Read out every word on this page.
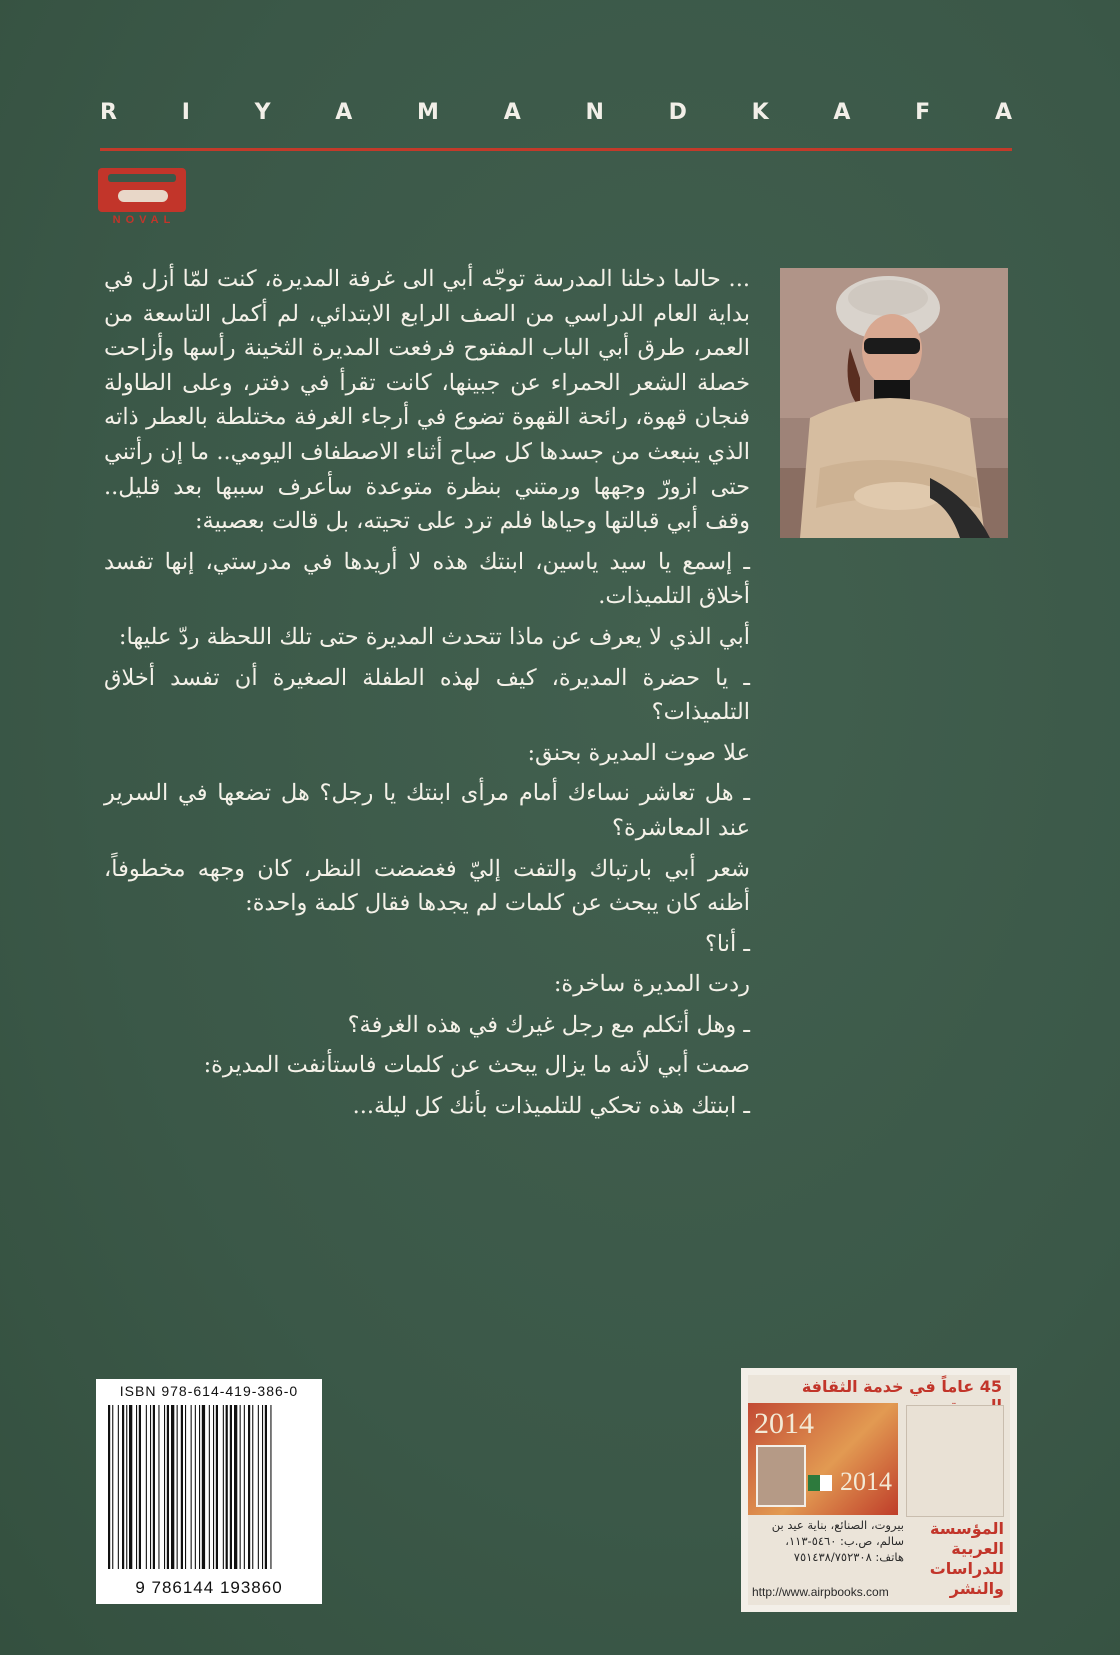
R	I	Y	A	M	A	N	D	K	A	F	A
NOVAL

... حالما دخلنا المدرسة توجّه أبي الى غرفة المديرة، كنت لمّا أزل في بداية العام الدراسي من الصف الرابع الابتدائي، لم أكمل التاسعة من العمر، طرق أبي الباب المفتوح فرفعت المديرة الثخينة رأسها وأزاحت خصلة الشعر الحمراء عن جبينها، كانت تقرأ في دفتر، وعلى الطاولة فنجان قهوة، رائحة القهوة تضوع في أرجاء الغرفة مختلطة بالعطر ذاته الذي ينبعث من جسدها كل صباح أثناء الاصطفاف اليومي.. ما إن رأتني حتى ازورّ وجهها ورمتني بنظرة متوعدة سأعرف سببها بعد قليل.. وقف أبي قبالتها وحياها فلم ترد على تحيته، بل قالت بعصبية:

ـ إسمع يا سيد ياسين، ابنتك هذه لا أريدها في مدرستي، إنها تفسد أخلاق التلميذات.

أبي الذي لا يعرف عن ماذا تتحدث المديرة حتى تلك اللحظة ردّ عليها:

ـ يا حضرة المديرة، كيف لهذه الطفلة الصغيرة أن تفسد أخلاق التلميذات؟

علا صوت المديرة بحنق:

ـ هل تعاشر نساءك أمام مرأى ابنتك يا رجل؟ هل تضعها في السرير عند المعاشرة؟

شعر أبي بارتباك والتفت إليّ فغضضت النظر، كان وجهه مخطوفاً، أظنه كان يبحث عن كلمات لم يجدها فقال كلمة واحدة:

ـ أنا؟

ردت المديرة ساخرة:

ـ وهل أتكلم مع رجل غيرك في هذه الغرفة؟

صمت أبي لأنه ما يزال يبحث عن كلمات فاستأنفت المديرة:

ـ ابنتك هذه تحكي للتلميذات بأنك كل ليلة...

ISBN 978-614-419-386-0
9 786144 193860
45 عاماً في خدمة الثقافة
2014
2014
بيروت، الصنائع، بناية عيد بن سالم، ص.ب: ٥٤٦٠-١١٣، هاتف: ٧٥١٤٣٨/٧٥٢٣٠٨
المؤسسة العربية للدراسات والنشر
http://www.airpbooks.com
